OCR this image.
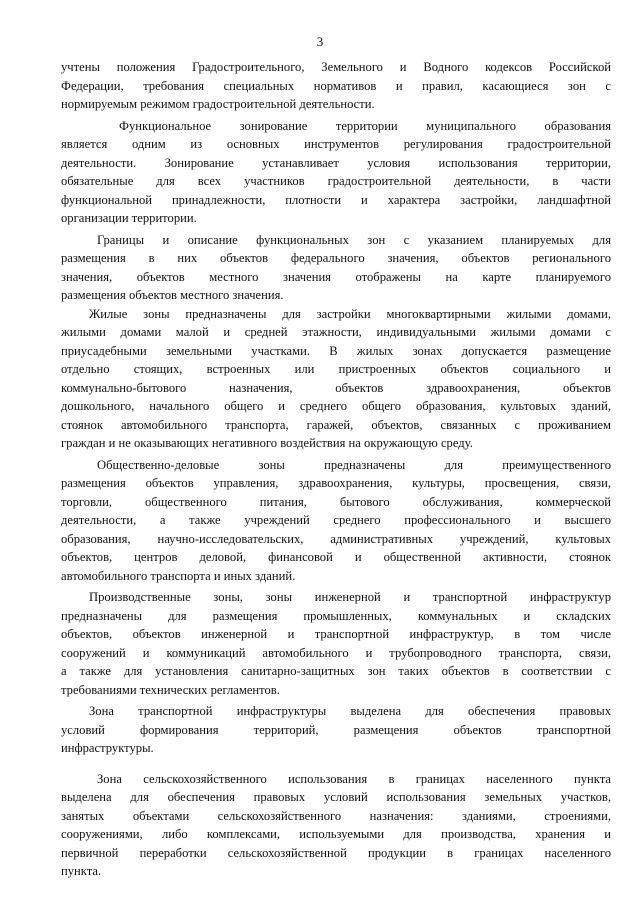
3
учтены положения Градостроительного, Земельного и Водного кодексов Российской
Федерации, требования специальных нормативов и правил, касающиеся зон с
нормируемым режимом градостроительной деятельности.
Функциональное зонирование территории муниципального образования
является одним из основных инструментов регулирования градостроительной
деятельности. Зонирование устанавливает условия использования территории,
обязательные для всех участников градостроительной деятельности, в части
функциональной принадлежности, плотности и характера застройки, ландшафтной
организации территории.
Границы и описание функциональных зон с указанием планируемых для
размещения в них объектов федерального значения, объектов регионального
значения, объектов местного значения отображены на карте планируемого
размещения объектов местного значения.
Жилые зоны предназначены для застройки многоквартирными жилыми домами,
жилыми домами малой и средней этажности, индивидуальными жилыми домами с
приусадебными земельными участками. В жилых зонах допускается размещение
отдельно стоящих, встроенных или пристроенных объектов социального и
коммунально-бытового назначения, объектов здравоохранения, объектов
дошкольного, начального общего и среднего общего образования, культовых зданий,
стоянок автомобильного транспорта, гаражей, объектов, связанных с проживанием
граждан и не оказывающих негативного воздействия на окружающую среду.
Общественно-деловые зоны предназначены для преимущественного
размещения объектов управления, здравоохранения, культуры, просвещения, связи,
торговли, общественного питания, бытового обслуживания, коммерческой
деятельности, а также учреждений среднего профессионального и высшего
образования, научно-исследовательских, административных учреждений, культовых
объектов, центров деловой, финансовой и общественной активности, стоянок
автомобильного транспорта и иных зданий.
Производственные зоны, зоны инженерной и транспортной инфраструктур
предназначены для размещения промышленных, коммунальных и складских
объектов, объектов инженерной и транспортной инфраструктур, в том числе
сооружений и коммуникаций автомобильного и трубопроводного транспорта, связи,
а также для установления санитарно-защитных зон таких объектов в соответствии с
требованиями технических регламентов.
Зона транспортной инфраструктуры выделена для обеспечения правовых
условий формирования территорий, размещения объектов транспортной
инфраструктуры.
Зона сельскохозяйственного использования в границах населенного пункта
выделена для обеспечения правовых условий использования земельных участков,
занятых объектами сельскохозяйственного назначения: зданиями, строениями,
сооружениями, либо комплексами, используемыми для производства, хранения и
первичной переработки сельскохозяйственной продукции в границах населенного
пункта.
